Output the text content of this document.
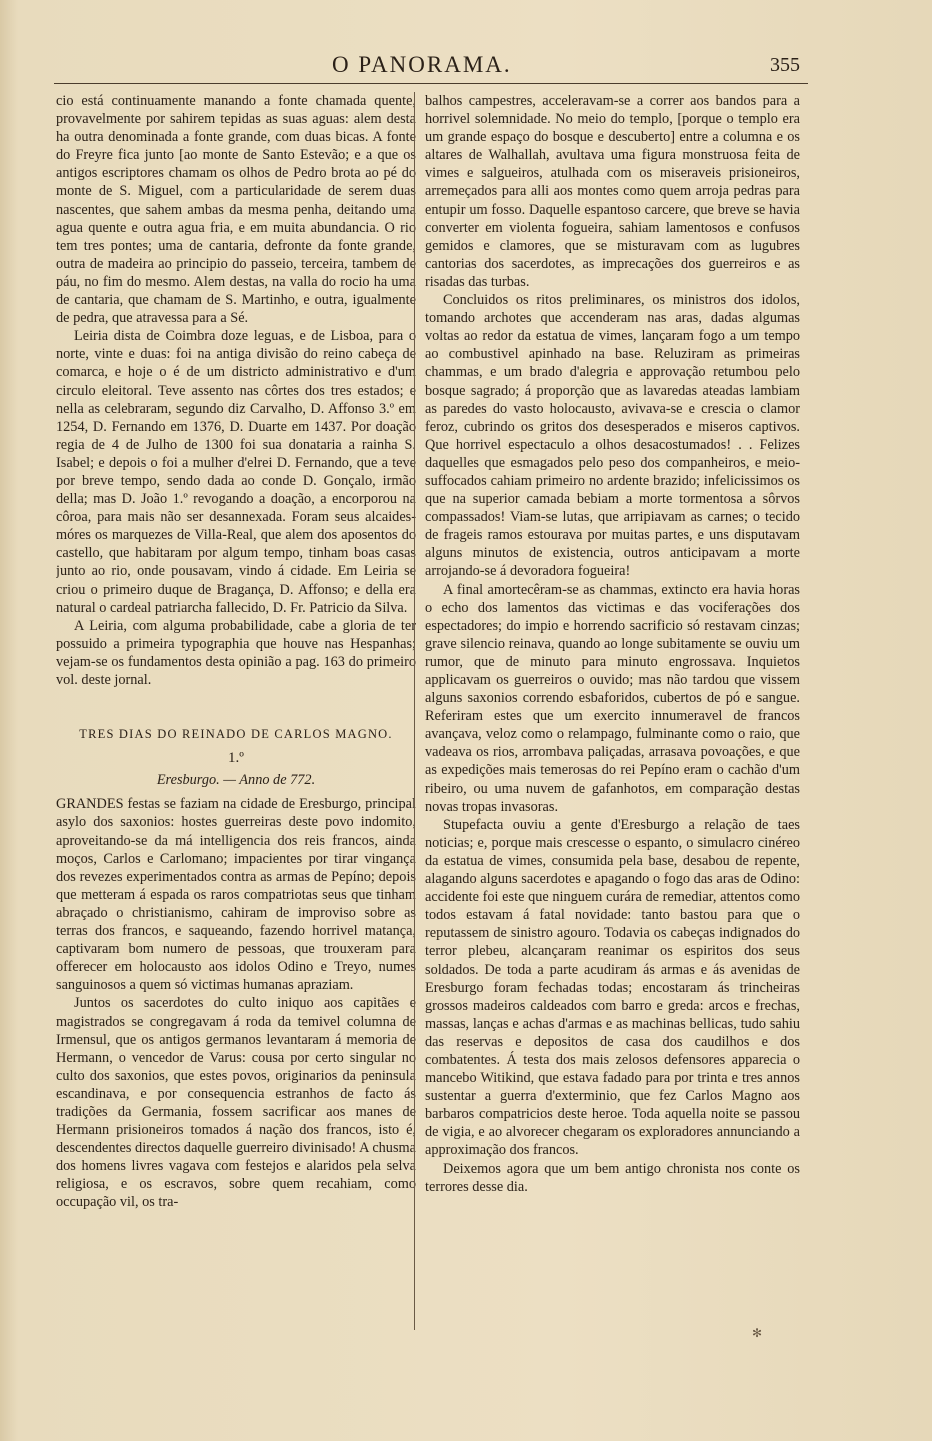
O PANORAMA.	355

cio está continuamente manando a fonte chamada quente, provavelmente por sahirem tepidas as suas aguas: alem desta ha outra denominada a fonte grande, com duas bicas. A fonte do Freyre fica junto [ao monte de Santo Estevão; e a que os antigos escriptores chamam os olhos de Pedro brota ao pé do monte de S. Miguel, com a particularidade de serem duas nascentes, que sahem ambas da mesma penha, deitando uma agua quente e outra agua fria, e em muita abundancia. O rio tem tres pontes; uma de cantaria, defronte da fonte grande, outra de madeira ao principio do passeio, terceira, tambem de páu, no fim do mesmo. Alem destas, na valla do rocio ha uma de cantaria, que chamam de S. Martinho, e outra, igualmente de pedra, que atravessa para a Sé.

Leiria dista de Coimbra doze leguas, e de Lisboa, para o norte, vinte e duas: foi na antiga divisão do reino cabeça de comarca, e hoje o é de um districto administrativo e d'um circulo eleitoral. Teve assento nas côrtes dos tres estados; e nella as celebraram, segundo diz Carvalho, D. Affonso 3.º em 1254, D. Fernando em 1376, D. Duarte em 1437. Por doação regia de 4 de Julho de 1300 foi sua donataria a rainha S. Isabel; e depois o foi a mulher d'elrei D. Fernando, que a teve por breve tempo, sendo dada ao conde D. Gonçalo, irmão della; mas D. João 1.º revogando a doação, a encorporou na côroa, para mais não ser desannexada. Foram seus alcaides-móres os marquezes de Villa-Real, que alem dos aposentos do castello, que habitaram por algum tempo, tinham boas casas junto ao rio, onde pousavam, vindo á cidade. Em Leiria se criou o primeiro duque de Bragança, D. Affonso; e della era natural o cardeal patriarcha fallecido, D. Fr. Patricio da Silva.

A Leiria, com alguma probabilidade, cabe a gloria de ter possuido a primeira typographia que houve nas Hespanhas; vejam-se os fundamentos desta opinião a pag. 163 do primeiro vol. deste jornal.

TRES DIAS DO REINADO DE CARLOS MAGNO.
1.º
Eresburgo. — Anno de 772.

GRANDES festas se faziam na cidade de Eresburgo, principal asylo dos saxonios: hostes guerreiras deste povo indomito, aproveitando-se da má intelligencia dos reis francos, ainda moços, Carlos e Carlomano; impacientes por tirar vingança dos revezes experimentados contra as armas de Pepíno; depois que metteram á espada os raros compatriotas seus que tinham abraçado o christianismo, cahiram de improviso sobre as terras dos francos, e saqueando, fazendo horrivel matança, captivaram bom numero de pessoas, que trouxeram para offerecer em holocausto aos idolos Odino e Treyo, numes sanguinosos a quem só victimas humanas apraziam.

Juntos os sacerdotes do culto iniquo aos capitães e magistrados se congregavam á roda da temivel columna de Irmensul, que os antigos germanos levantaram á memoria de Hermann, o vencedor de Varus: cousa por certo singular no culto dos saxonios, que estes povos, originarios da peninsula escandinava, e por consequencia estranhos de facto ás tradições da Germania, fossem sacrificar aos manes de Hermann prisioneiros tomados á nação dos francos, isto é, descendentes directos daquelle guerreiro divinisado! A chusma dos homens livres vagava com festejos e alaridos pela selva religiosa, e os escravos, sobre quem recahiam, como occupação vil, os tra-

balhos campestres, acceleravam-se a correr aos bandos para a horrivel solemnidade. No meio do templo, [porque o templo era um grande espaço do bosque e descuberto] entre a columna e os altares de Walhallah, avultava uma figura monstruosa feita de vimes e salgueiros, atulhada com os miseraveis prisioneiros, arremeçados para alli aos montes como quem arroja pedras para entupir um fosso. Daquelle espantoso carcere, que breve se havia converter em violenta fogueira, sahiam lamentosos e confusos gemidos e clamores, que se misturavam com as lugubres cantorias dos sacerdotes, as imprecações dos guerreiros e as risadas das turbas.

Concluidos os ritos preliminares, os ministros dos idolos, tomando archotes que accenderam nas aras, dadas algumas voltas ao redor da estatua de vimes, lançaram fogo a um tempo ao combustivel apinhado na base. Reluziram as primeiras chammas, e um brado d'alegria e approvação retumbou pelo bosque sagrado; á proporção que as lavaredas ateadas lambiam as paredes do vasto holocausto, avivava-se e crescia o clamor feroz, cubrindo os gritos dos desesperados e miseros captivos. Que horrivel espectaculo a olhos desacostumados! . . Felizes daquelles que esmagados pelo peso dos companheiros, e meio-suffocados cahiam primeiro no ardente brazido; infelicissimos os que na superior camada bebiam a morte tormentosa a sôrvos compassados! Viam-se lutas, que arripiavam as carnes; o tecido de frageis ramos estourava por muitas partes, e uns disputavam alguns minutos de existencia, outros anticipavam a morte arrojando-se á devoradora fogueira!

A final amortecêram-se as chammas, extincto era havia horas o echo dos lamentos das victimas e das vociferações dos espectadores; do impio e horrendo sacrificio só restavam cinzas; grave silencio reinava, quando ao longe subitamente se ouviu um rumor, que de minuto para minuto engrossava. Inquietos applicavam os guerreiros o ouvido; mas não tardou que vissem alguns saxonios correndo esbaforidos, cubertos de pó e sangue. Referiram estes que um exercito innumeravel de francos avançava, veloz como o relampago, fulminante como o raio, que vadeava os rios, arrombava paliçadas, arrasava povoações, e que as expedições mais temerosas do rei Pepíno eram o cachão d'um ribeiro, ou uma nuvem de gafanhotos, em comparação destas novas tropas invasoras.

Stupefacta ouviu a gente d'Eresburgo a relação de taes noticias; e, porque mais crescesse o espanto, o simulacro cinéreo da estatua de vimes, consumida pela base, desabou de repente, alagando alguns sacerdotes e apagando o fogo das aras de Odino: accidente foi este que ninguem curára de remediar, attentos como todos estavam á fatal novidade: tanto bastou para que o reputassem de sinistro agouro. Todavia os cabeças indignados do terror plebeu, alcançaram reanimar os espiritos dos seus soldados. De toda a parte acudiram ás armas e ás avenidas de Eresburgo foram fechadas todas; encostaram ás trincheiras grossos madeiros caldeados com barro e greda: arcos e frechas, massas, lanças e achas d'armas e as machinas bellicas, tudo sahiu das reservas e depositos de casa dos caudilhos e dos combatentes. Á testa dos mais zelosos defensores apparecia o mancebo Witikind, que estava fadado para por trinta e tres annos sustentar a guerra d'exterminio, que fez Carlos Magno aos barbaros compatricios deste heroe. Toda aquella noite se passou de vigia, e ao alvorecer chegaram os exploradores annunciando a approximação dos francos.

Deixemos agora que um bem antigo chronista nos conte os terrores desse dia.

✻
